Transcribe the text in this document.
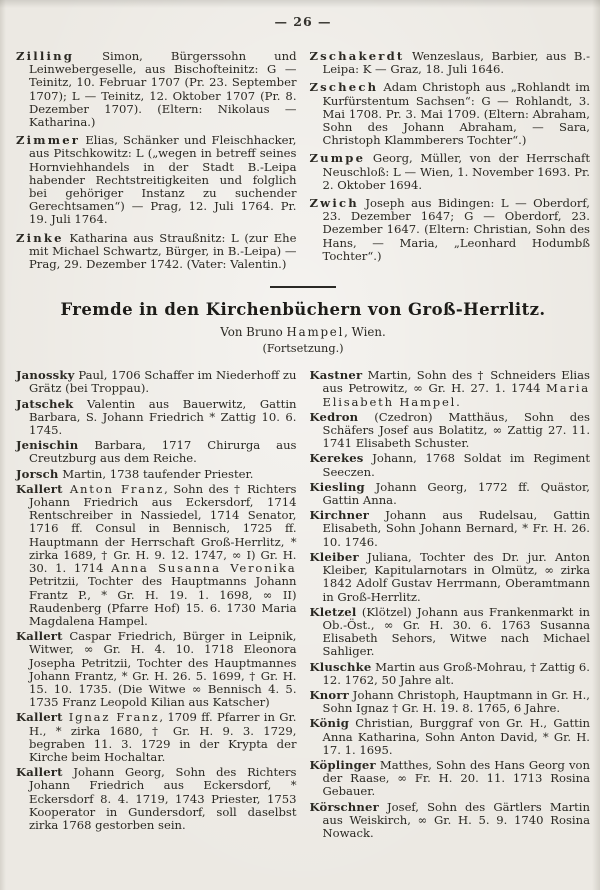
— 26 —

Zilling Simon, Bürgerssohn und Leinwebergeselle, aus Bischofteinitz: G — Teinitz, 10. Februar 1707 (Pr. 23. September 1707); L — Teinitz, 12. Oktober 1707 (Pr. 8. Dezember 1707). (Eltern: Nikolaus — Katharina.)

Zimmer Elias, Schänker und Fleischhacker, aus Pitschkowitz: L („wegen in betreff seines Hornviehhandels in der Stadt B.-Leipa habender Rechtstreitigkeiten und folglich bei gehöriger Instanz zu suchender Gerechtsamen“) — Prag, 12. Juli 1764. Pr. 19. Juli 1764.

Zinke Katharina aus Straußnitz: L (zur Ehe mit Michael Schwartz, Bürger, in B.-Leipa) — Prag, 29. Dezember 1742. (Vater: Valentin.)

Zschakerdt Wenzeslaus, Barbier, aus B.-Leipa: K — Graz, 18. Juli 1646.

Zschech Adam Christoph aus „Rohlandt im Kurfürstentum Sachsen“: G — Rohlandt, 3. Mai 1708. Pr. 3. Mai 1709. (Eltern: Abraham, Sohn des Johann Abraham, — Sara, Christoph Klammberers Tochter“.)

Zumpe Georg, Müller, von der Herrschaft Neuschloß: L — Wien, 1. November 1693. Pr. 2. Oktober 1694.

Zwich Joseph aus Bidingen: L — Oberdorf, 23. Dezember 1647; G — Oberdorf, 23. Dezember 1647. (Eltern: Christian, Sohn des Hans, — Maria, „Leonhard Hodumbß Tochter“.)

Fremde in den Kirchenbüchern von Groß-Herrlitz.
Von Bruno Hampel, Wien.
(Fortsetzung.)

Janossky Paul, 1706 Schaffer im Niederhoff zu Grätz (bei Troppau).

Jatschek Valentin aus Bauerwitz, Gattin Barbara, S. Johann Friedrich * Zattig 10. 6. 1745.

Jenischin Barbara, 1717 Chirurga aus Creutzburg aus dem Reiche.

Jorsch Martin, 1738 taufender Priester.

Kallert Anton Franz, Sohn des † Richters Johann Friedrich aus Eckersdorf, 1714 Rentschreiber in Nassiedel, 1714 Senator, 1716 ff. Consul in Bennisch, 1725 ff. Hauptmann der Herrschaft Groß-Herrlitz, * zirka 1689, † Gr. H. 9. 12. 1747, ∞ I) Gr. H. 30. 1. 1714 Anna Susanna Veronika Petritzii, Tochter des Hauptmanns Johann Frantz P., * Gr. H. 19. 1. 1698, ∞ II) Raudenberg (Pfarre Hof) 15. 6. 1730 Maria Magdalena Hampel.

Kallert Caspar Friedrich, Bürger in Leipnik, Witwer, ∞ Gr. H. 4. 10. 1718 Eleonora Josepha Petritzii, Tochter des Hauptmannes Johann Frantz, * Gr. H. 26. 5. 1699, † Gr. H. 15. 10. 1735. (Die Witwe ∞ Bennisch 4. 5. 1735 Franz Leopold Kilian aus Katscher)

Kallert Ignaz Franz, 1709 ff. Pfarrer in Gr. H., * zirka 1680, † Gr. H. 9. 3. 1729, begraben 11. 3. 1729 in der Krypta der Kirche beim Hochaltar.

Kallert Johann Georg, Sohn des Richters Johann Friedrich aus Eckersdorf, * Eckersdorf 8. 4. 1719, 1743 Priester, 1753 Kooperator in Gundersdorf, soll daselbst zirka 1768 gestorben sein.

Kastner Martin, Sohn des † Schneiders Elias aus Petrowitz, ∞ Gr. H. 27. 1. 1744 Maria Elisabeth Hampel.

Kedron (Czedron) Matthäus, Sohn des Schäfers Josef aus Bolatitz, ∞ Zattig 27. 11. 1741 Elisabeth Schuster.

Kerekes Johann, 1768 Soldat im Regiment Seeczen.

Kiesling Johann Georg, 1772 ff. Quästor, Gattin Anna.

Kirchner Johann aus Rudelsau, Gattin Elisabeth, Sohn Johann Bernard, * Fr. H. 26. 10. 1746.

Kleiber Juliana, Tochter des Dr. jur. Anton Kleiber, Kapitularnotars in Olmütz, ∞ zirka 1842 Adolf Gustav Herrmann, Oberamtmann in Groß-Herrlitz.

Kletzel (Klötzel) Johann aus Frankenmarkt in Ob.-Öst., ∞ Gr. H. 30. 6. 1763 Susanna Elisabeth Sehors, Witwe nach Michael Sahliger.

Kluschke Martin aus Groß-Mohrau, † Zattig 6. 12. 1762, 50 Jahre alt.

Knorr Johann Christoph, Hauptmann in Gr. H., Sohn Ignaz † Gr. H. 19. 8. 1765, 6 Jahre.

König Christian, Burggraf von Gr. H., Gattin Anna Katharina, Sohn Anton David, * Gr. H. 17. 1. 1695.

Köplinger Matthes, Sohn des Hans Georg von der Raase, ∞ Fr. H. 20. 11. 1713 Rosina Gebauer.

Körschner Josef, Sohn des Gärtlers Martin aus Weiskirch, ∞ Gr. H. 5. 9. 1740 Rosina Nowack.
